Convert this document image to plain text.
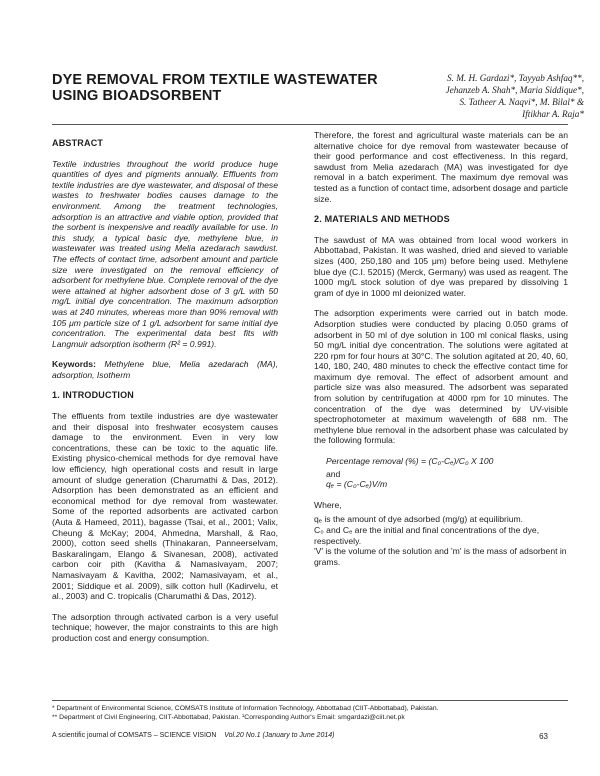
DYE REMOVAL FROM TEXTILE WASTEWATER USING BIOADSORBENT
S. M. H. Gardazi*, Tayyab Ashfaq**,
Jehanzeb A. Shah*, Maria Siddique*,
S. Tatheer A. Naqvi*, M. Bilal* &
Iftikhar A. Raja*
ABSTRACT

Textile industries throughout the world produce huge quantities of dyes and pigments annually. Effluents from textile industries are dye wastewater, and disposal of these wastes to freshwater bodies causes damage to the environment. Among the treatment technologies, adsorption is an attractive and viable option, provided that the sorbent is inexpensive and readily available for use. In this study, a typical basic dye, methylene blue, in wastewater was treated using Melia azedarach sawdust. The effects of contact time, adsorbent amount and particle size were investigated on the removal efficiency of adsorbent for methylene blue. Complete removal of the dye were attained at higher adsorbent dose of 3 g/L with 50 mg/L initial dye concentration. The maximum adsorption was at 240 minutes, whereas more than 90% removal with 105 μm particle size of 1 g/L adsorbent for same initial dye concentration. The experimental data best fits with Langmuir adsorption isotherm (R² = 0.991).

Keywords: Methylene blue, Melia azedarach (MA), adsorption, Isotherm

1. INTRODUCTION

The effluents from textile industries are dye wastewater and their disposal into freshwater ecosystem causes damage to the environment. Even in very low concentrations, these can be toxic to the aquatic life. Existing physico-chemical methods for dye removal have low efficiency, high operational costs and result in large amount of sludge generation (Charumathi & Das, 2012). Adsorption has been demonstrated as an efficient and economical method for dye removal from wastewater. Some of the reported adsorbents are activated carbon (Auta & Hameed, 2011), bagasse (Tsai, et al., 2001; Valix, Cheung & McKay; 2004, Ahmedna, Marshall, & Rao, 2000), cotton seed shells (Thinakaran, Panneerselvam, Baskaralingam, Elango & Sivanesan, 2008), activated carbon coir pith (Kavitha & Namasivayam, 2007; Namasivayam & Kavitha, 2002; Namasivayam, et al., 2001; Siddique et al. 2009), silk cotton hull (Kadirvelu, et al., 2003) and C. tropicalis (Charumathi & Das, 2012).

The adsorption through activated carbon is a very useful technique; however, the major constraints to this are high production cost and energy consumption.

Therefore, the forest and agricultural waste materials can be an alternative choice for dye removal from wastewater because of their good performance and cost effectiveness. In this regard, sawdust from Melia azedarach (MA) was investigated for dye removal in a batch experiment. The maximum dye removal was tested as a function of contact time, adsorbent dosage and particle size.

2. MATERIALS AND METHODS

The sawdust of MA was obtained from local wood workers in Abbottabad, Pakistan. It was washed, dried and sieved to variable sizes (400, 250,180 and 105 μm) before being used. Methylene blue dye (C.I. 52015) (Merck, Germany) was used as reagent. The 1000 mg/L stock solution of dye was prepared by dissolving 1 gram of dye in 1000 ml deionized water.

The adsorption experiments were carried out in batch mode. Adsorption studies were conducted by placing 0.050 grams of adsorbent in 50 ml of dye solution in 100 ml conical flasks, using 50 mg/L initial dye concentration. The solutions were agitated at 220 rpm for four hours at 30°C. The solution agitated at 20, 40, 60, 140, 180, 240, 480 minutes to check the effective contact time for maximum dye removal. The effect of adsorbent amount and particle size was also measured. The adsorbent was separated from solution by centrifugation at 4000 rpm for 10 minutes. The concentration of the dye was determined by UV-visible spectrophotometer at maximum wavelength of 688 nm. The methylene blue removal in the adsorbent phase was calculated by the following formula:

Percentage removal (%) = (C₀-Cₑ)/C₀ X 100
and
qₑ = (C₀-Cₑ)V/m
Where,
qₑ is the amount of dye adsorbed (mg/g) at equilibrium.
C₀ and Cₑ are the initial and final concentrations of the dye, respectively.
'V' is the volume of the solution and 'm' is the mass of adsorbent in grams.
* Department of Environmental Science, COMSATS Institute of Information Technology, Abbottabad (CIIT-Abbottabad), Pakistan.
** Department of Civil Engineering, CIIT-Abbottabad, Pakistan. ¹Corresponding Author's Email: smgardazi@ciit.net.pk
A scientific journal of COMSATS – SCIENCE VISION Vol.20 No.1 (January to June 2014)	63
